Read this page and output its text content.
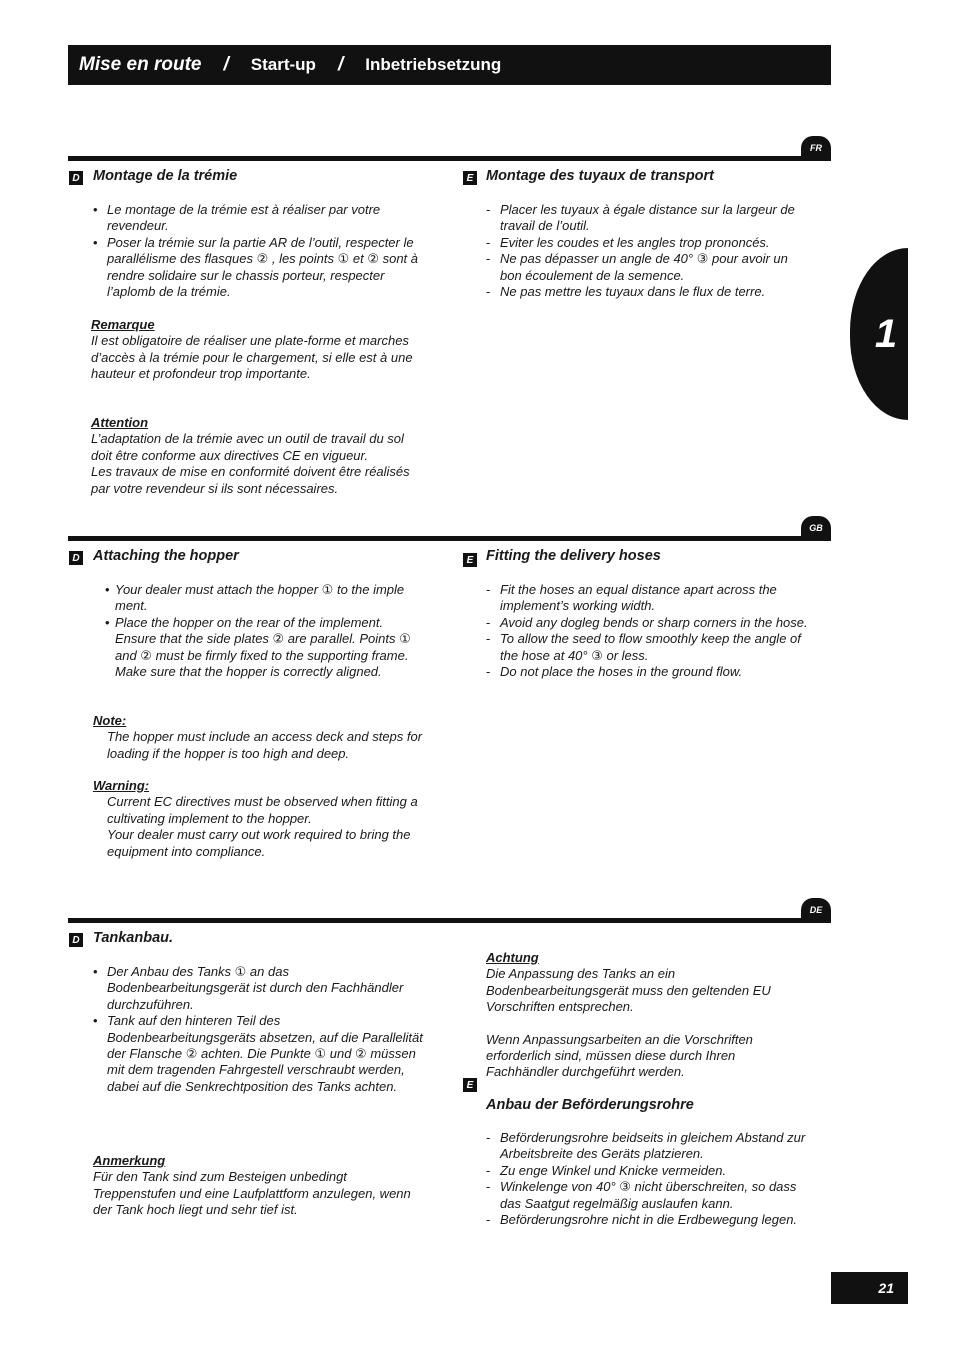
Mise en route / Start-up / Inbetriebsetzung
1
FR
D Montage de la trémie
• Le montage de la trémie est à réaliser par votre revendeur.
• Poser la trémie sur la partie AR de l’outil, respecter le parallélisme des flasques ② , les points ① et ② sont à rendre solidaire sur le chassis porteur, respecter l’aplomb de la trémie.

Remarque

Il est obligatoire de réaliser une plate-forme et marches

d’accès à la trémie pour le chargement, si elle est à une hauteur et profondeur trop importante.

Attention

L’adaptation de la trémie avec un outil de travail du sol doit être conforme aux directives CE en vigueur.

Les travaux de mise en conformité doivent être réalisés par votre revendeur si ils sont nécessaires.

E Montage des tuyaux de transport
- Placer les tuyaux à égale distance sur la largeur de travail de l’outil.
- Eviter les coudes et les angles trop prononcés.
- Ne pas dépasser un angle de 40° ③ pour avoir un bon écoulement de la semence.
- Ne pas mettre les tuyaux dans le flux de terre.
GB
D Attaching the hopper
• Your dealer must attach the hopper ① to the imple ment.
• Place the hopper on the rear of the implement. Ensure that the side plates ② are parallel. Points ① and ② must be firmly fixed to the supporting frame. Make sure that the hopper is correctly aligned.

Note:

The hopper must include an access deck and steps for loading if the hopper is too high and deep.

Warning:

Current EC directives must be observed when fitting a cultivating implement to the hopper.

Your dealer must carry out work required to bring the equipment into compliance.

E Fitting the delivery hoses
- Fit the hoses an equal distance apart across the implement’s working width.
- Avoid any dogleg bends or sharp corners in the hose.
- To allow the seed to flow smoothly keep the angle of the hose at 40° ③ or less.
- Do not place the hoses in the ground flow.
DE
D Tankanbau.
• Der Anbau des Tanks ① an das Bodenbearbeitungsgerät ist durch den Fachhändler durchzuführen.
• Tank auf den hinteren Teil des Bodenbearbeitungsgeräts absetzen, auf die Parallelität der Flansche ② achten. Die Punkte ① und ② müssen mit dem tragenden Fahrgestell verschraubt werden, dabei auf die Senkrechtposition des Tanks achten.

Anmerkung

Für den Tank sind zum Besteigen unbedingt Treppenstufen und eine Laufplattform anzulegen, wenn der Tank hoch liegt und sehr tief ist.

Achtung

Die Anpassung des Tanks an ein Bodenbearbeitungsgerät muss den geltenden EU Vorschriften entsprechen.

Wenn Anpassungsarbeiten an die Vorschriften erforderlich sind, müssen diese durch Ihren Fachhändler durchgeführt werden.

E
Anbau der Beförderungsrohre
- Beförderungsrohre beidseits in gleichem Abstand zur Arbeitsbreite des Geräts platzieren.
- Zu enge Winkel und Knicke vermeiden.
- Winkelenge von 40° ③ nicht überschreiten, so dass das Saatgut regelmäßig auslaufen kann.
- Beförderungsrohre nicht in die Erdbewegung legen.
21
